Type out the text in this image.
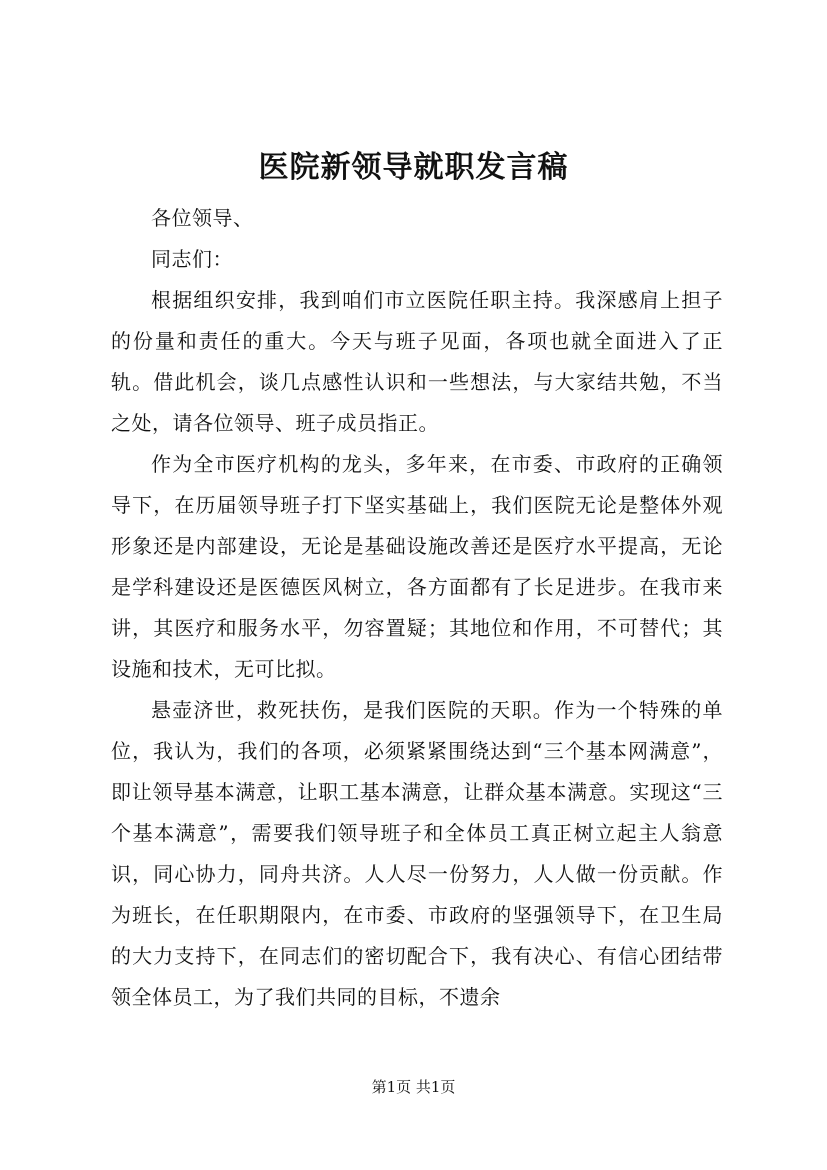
医院新领导就职发言稿

各位领导、

同志们：

根据组织安排，我到咱们市立医院任职主持。我深感肩上担子的份量和责任的重大。今天与班子见面，各项也就全面进入了正轨。借此机会，谈几点感性认识和一些想法，与大家结共勉，不当之处，请各位领导、班子成员指正。

作为全市医疗机构的龙头，多年来，在市委、市政府的正确领导下，在历届领导班子打下坚实基础上，我们医院无论是整体外观形象还是内部建设，无论是基础设施改善还是医疗水平提高，无论是学科建设还是医德医风树立，各方面都有了长足进步。在我市来讲，其医疗和服务水平，勿容置疑；其地位和作用，不可替代；其设施和技术，无可比拟。

悬壶济世，救死扶伤，是我们医院的天职。作为一个特殊的单位，我认为，我们的各项，必须紧紧围绕达到“三个基本网满意”，即让领导基本满意，让职工基本满意，让群众基本满意。实现这“三个基本满意”，需要我们领导班子和全体员工真正树立起主人翁意识，同心协力，同舟共济。人人尽一份努力，人人做一份贡献。作为班长，在任职期限内，在市委、市政府的坚强领导下，在卫生局的大力支持下，在同志们的密切配合下，我有决心、有信心团结带领全体员工，为了我们共同的目标，不遗余

第1页 共1页
